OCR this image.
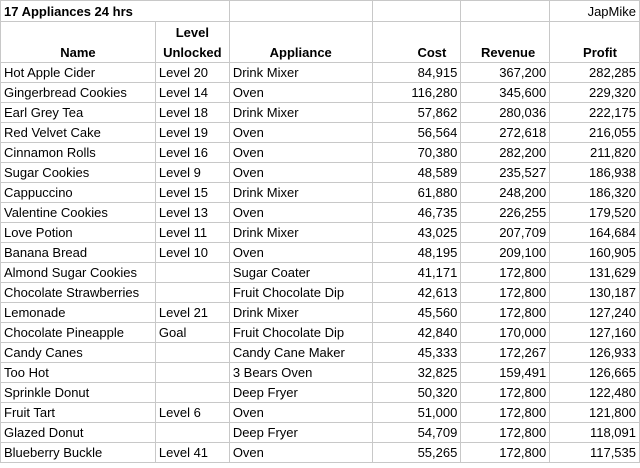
17 Appliances 24 hrs					JapMike
	Level				
Name	Unlocked	Appliance	Cost	Revenue	Profit
Hot Apple Cider	Level 20	Drink Mixer	84,915	367,200	282,285
Gingerbread Cookies	Level 14	Oven	116,280	345,600	229,320
Earl Grey Tea	Level 18	Drink Mixer	57,862	280,036	222,175
Red Velvet Cake	Level 19	Oven	56,564	272,618	216,055
Cinnamon Rolls	Level 16	Oven	70,380	282,200	211,820
Sugar Cookies	Level 9	Oven	48,589	235,527	186,938
Cappuccino	Level 15	Drink Mixer	61,880	248,200	186,320
Valentine Cookies	Level 13	Oven	46,735	226,255	179,520
Love Potion	Level 11	Drink Mixer	43,025	207,709	164,684
Banana Bread	Level 10	Oven	48,195	209,100	160,905
Almond Sugar Cookies		Sugar Coater	41,171	172,800	131,629
Chocolate Strawberries		Fruit Chocolate Dip	42,613	172,800	130,187
Lemonade	Level 21	Drink Mixer	45,560	172,800	127,240
Chocolate Pineapple	Goal	Fruit Chocolate Dip	42,840	170,000	127,160
Candy Canes		Candy Cane Maker	45,333	172,267	126,933
Too Hot		3 Bears Oven	32,825	159,491	126,665
Sprinkle Donut		Deep Fryer	50,320	172,800	122,480
Fruit Tart	Level 6	Oven	51,000	172,800	121,800
Glazed Donut		Deep Fryer	54,709	172,800	118,091
Blueberry Buckle	Level 41	Oven	55,265	172,800	117,535
